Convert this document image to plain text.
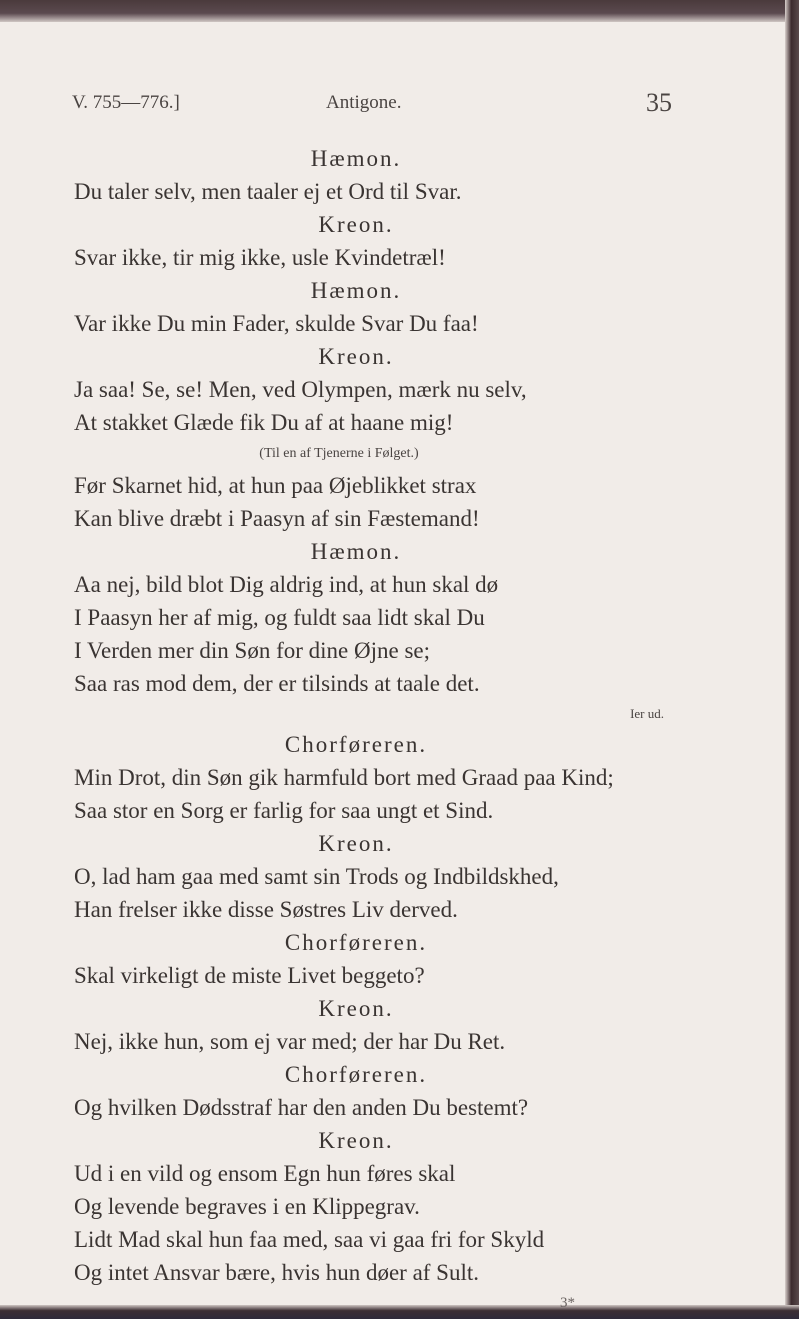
V. 755—776.]	Antigone.	35
Hæmon.
Du taler selv, men taaler ej et Ord til Svar.
Kreon.
Svar ikke, tir mig ikke, usle Kvindetræl!
Hæmon.
Var ikke Du min Fader, skulde Svar Du faa!
Kreon.
Ja saa! Se, se! Men, ved Olympen, mærk nu selv,
At stakket Glæde fik Du af at haane mig!
(Til en af Tjenerne i Følget.)
Før Skarnet hid, at hun paa Øjeblikket strax
Kan blive dræbt i Paasyn af sin Fæstemand!
Hæmon.
Aa nej, bild blot Dig aldrig ind, at hun skal dø
I Paasyn her af mig, og fuldt saa lidt skal Du
I Verden mer din Søn for dine Øjne se;
Saa ras mod dem, der er tilsinds at taale det.
Ier ud.
Chorføreren.
Min Drot, din Søn gik harmfuld bort med Graad paa Kind;
Saa stor en Sorg er farlig for saa ungt et Sind.
Kreon.
O, lad ham gaa med samt sin Trods og Indbildskhed,
Han frelser ikke disse Søstres Liv derved.
Chorføreren.
Skal virkeligt de miste Livet beggeto?
Kreon.
Nej, ikke hun, som ej var med; der har Du Ret.
Chorføreren.
Og hvilken Dødsstraf har den anden Du bestemt?
Kreon.
Ud i en vild og ensom Egn hun føres skal
Og levende begraves i en Klippegrav.
Lidt Mad skal hun faa med, saa vi gaa fri for Skyld
Og intet Ansvar bære, hvis hun døer af Sult.
3*
